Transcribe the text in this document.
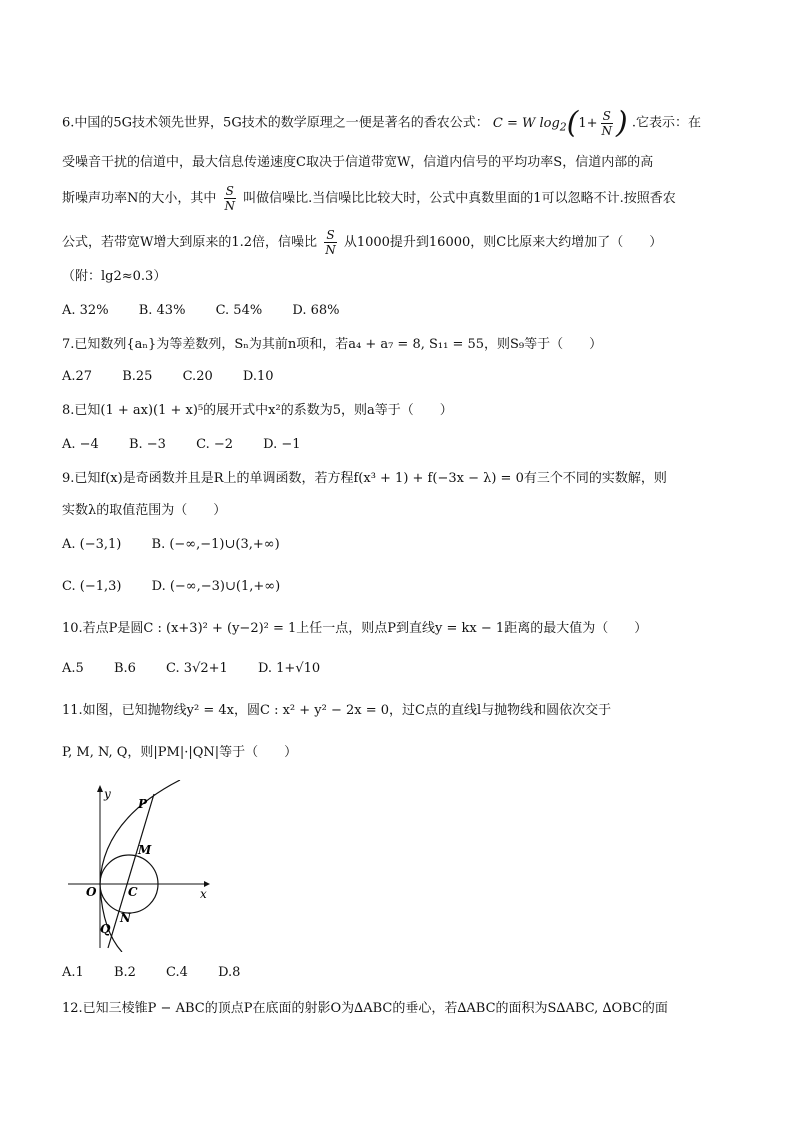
6.中国的5G技术领先世界，5G技术的数学原理之一便是著名的香农公式： C = W $\log_2(1+ \frac{S}{N}$ ) .它表示：在
受噪音干扰的信道中，最大信息传递速度C取决于信道带宽W，信道内信号的平均功率S，信道内部的高
斯噪声功率N的大小，其中 $\frac{S}{N}$ 叫做信噪比.当信噪比比较大时，公式中真数里面的1可以忽略不计.按照香农
公式，若带宽W增大到原来的1.2倍，信噪比 $\frac{S}{N}$ 从1000提升到16000，则C比原来大约增加了（　　）
（附：lg2≈0.3）
A. 32% B. 43% C. 54% D. 68%
7.已知数列{aₙ}为等差数列，Sₙ为其前n项和，若a₄ + a₇ = 8, S₁₁ = 55，则S₉等于（　　）
A.27 B.25 C.20 D.10
8.已知(1 + ax)(1 + x)⁵的展开式中x²的系数为5，则a等于（　　）
A. −4 B. −3 C. −2 D. −1
9.已知f(x)是奇函数并且是R上的单调函数，若方程f(x³ + 1) + f(−3x − λ) = 0有三个不同的实数解，则
实数λ的取值范围为（　　）
A. (−3,1) B. (−∞,−1)∪(3,+∞)
C. (−1,3) D. (−∞,−3)∪(1,+∞)
10.若点P是圆C : (x+3)² + (y−2)² = 1上任一点，则点P到直线y = kx − 1距离的最大值为（　　）
A.5 B.6 C. 3√2+1 D. 1+√10
11.如图，已知抛物线y² = 4x，圆C : x² + y² − 2x = 0，过C点的直线l与抛物线和圆依次交于
P, M, N, Q，则|PM|·|QN|等于（　　）
y
x
O	C
P
M
N
Q
A.1 B.2 C.4 D.8
12.已知三棱锥P − ABC的顶点P在底面的射影O为∆ABC的垂心，若∆ABC的面积为S∆ABC, ∆OBC的面
